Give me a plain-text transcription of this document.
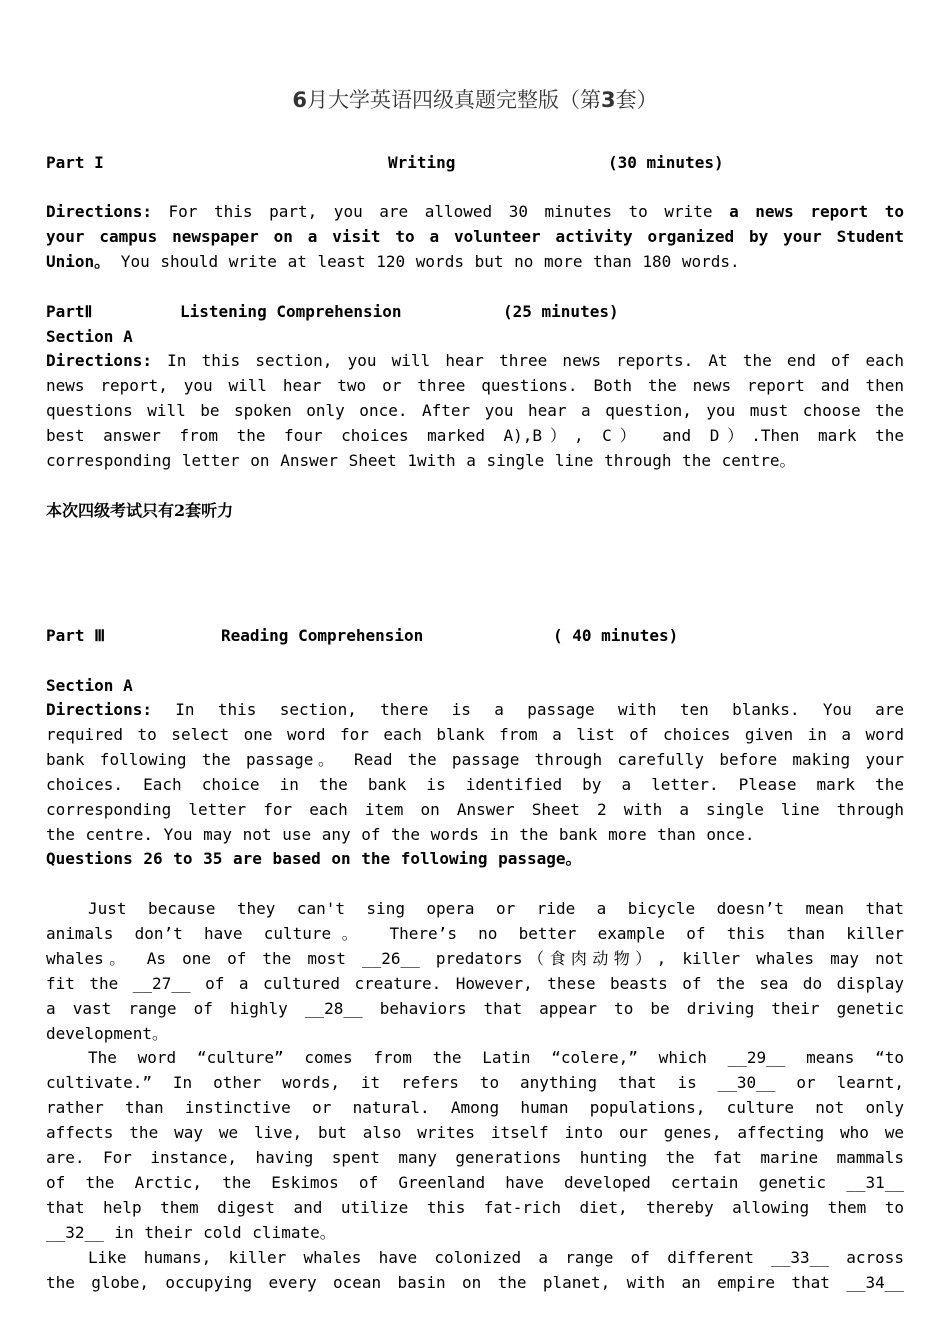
6月大学英语四级真题完整版（第3套）
Part I	Writing	(30 minutes)
Directions: For this part, you are allowed 30 minutes to write a news report to
your campus newspaper on a visit to a volunteer activity organized by your Student
Union。 You should write at least 120 words but no more than 180 words.
PartⅡ	Listening Comprehension	(25 minutes)
Section A
Directions: In this section, you will hear three news reports. At the end of each
news report, you will hear two or three questions. Both the news report and then
questions will be spoken only once. After you hear a question, you must choose the
best answer from the four choices marked A),B）, C） and D）.Then mark the
corresponding letter on Answer Sheet 1with a single line through the centre。
本次四级考试只有2套听力
Part Ⅲ	Reading Comprehension	( 40 minutes)
Section A
Directions: In this section, there is a passage with ten blanks. You are
required to select one word for each blank from a list of choices given in a word
bank following the passage。 Read the passage through carefully before making your
choices. Each choice in the bank is identified by a letter. Please mark the
corresponding letter for each item on Answer Sheet 2 with a single line through
the centre. You may not use any of the words in the bank more than once.
Questions 26 to 35 are based on the following passage。
Just because they can't sing opera or ride a bicycle doesn’t mean that
animals don’t have culture。 There’s no better example of this than killer
whales。 As one of the most __26__ predators（食肉动物）, killer whales may not
fit the __27__ of a cultured creature. However, these beasts of the sea do display
a vast range of highly __28__ behaviors that appear to be driving their genetic
development。
The word “culture” comes from the Latin “colere,” which __29__ means “to
cultivate.” In other words, it refers to anything that is __30__ or learnt,
rather than instinctive or natural. Among human populations, culture not only
affects the way we live, but also writes itself into our genes, affecting who we
are. For instance, having spent many generations hunting the fat marine mammals
of the Arctic, the Eskimos of Greenland have developed certain genetic __31__
that help them digest and utilize this fat-rich diet, thereby allowing them to
__32__ in their cold climate。
Like humans, killer whales have colonized a range of different __33__ across
the globe, occupying every ocean basin on the planet, with an empire that __34__
